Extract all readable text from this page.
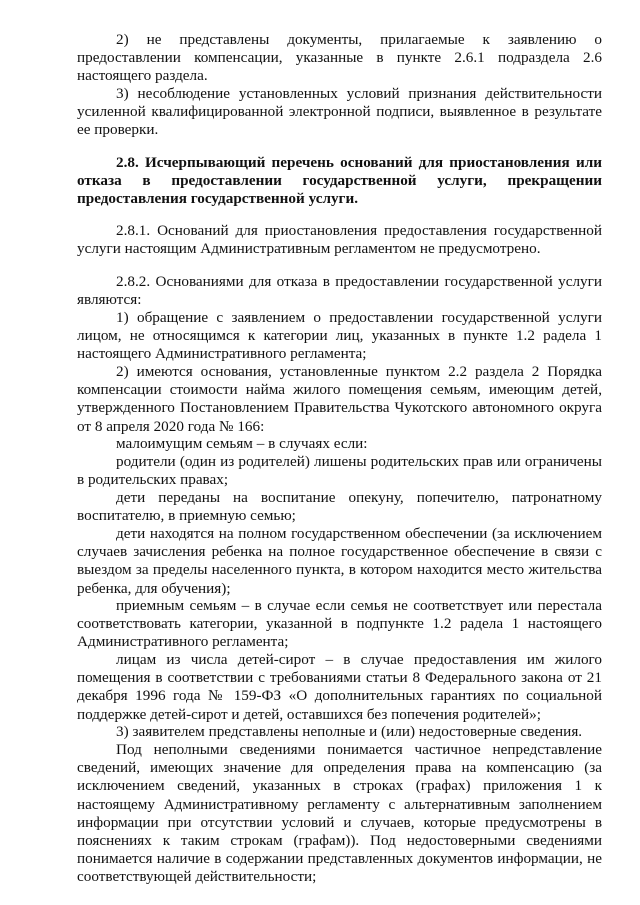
2) не представлены документы, прилагаемые к заявлению о предоставлении компенсации, указанные в пункте 2.6.1 подраздела 2.6 настоящего раздела.

3) несоблюдение установленных условий признания действительности усиленной квалифицированной электронной подписи, выявленное в результате ее проверки.

2.8. Исчерпывающий перечень оснований для приостановления или отказа в предоставлении государственной услуги, прекращении предоставления государственной услуги.

2.8.1. Оснований для приостановления предоставления государственной услуги настоящим Административным регламентом не предусмотрено.

2.8.2. Основаниями для отказа в предоставлении государственной услуги являются:

1) обращение с заявлением о предоставлении государственной услуги лицом, не относящимся к категории лиц, указанных в пункте 1.2 радела 1 настоящего Административного регламента;

2) имеются основания, установленные пунктом 2.2 раздела 2 Порядка компенсации стоимости найма жилого помещения семьям, имеющим детей, утвержденного Постановлением Правительства Чукотского автономного округа от 8 апреля 2020 года № 166:

малоимущим семьям – в случаях если:

родители (один из родителей) лишены родительских прав или ограничены в родительских правах;

дети переданы на воспитание опекуну, попечителю, патронатному воспитателю, в приемную семью;

дети находятся на полном государственном обеспечении (за исключением случаев зачисления ребенка на полное государственное обеспечение в связи с выездом за пределы населенного пункта, в котором находится место жительства ребенка, для обучения);

приемным семьям – в случае если семья не соответствует или перестала соответствовать категории, указанной в подпункте 1.2 радела 1 настоящего Административного регламента;

лицам из числа детей-сирот – в случае предоставления им жилого помещения в соответствии с требованиями статьи 8 Федерального закона от 21 декабря 1996 года № 159-ФЗ «О дополнительных гарантиях по социальной поддержке детей-сирот и детей, оставшихся без попечения родителей»;

3) заявителем представлены неполные и (или) недостоверные сведения.

Под неполными сведениями понимается частичное непредставление сведений, имеющих значение для определения права на компенсацию (за исключением сведений, указанных в строках (графах) приложения 1 к настоящему Административному регламенту с альтернативным заполнением информации при отсутствии условий и случаев, которые предусмотрены в пояснениях к таким строкам (графам)). Под недостоверными сведениями понимается наличие в содержании представленных документов информации, не соответствующей действительности;
